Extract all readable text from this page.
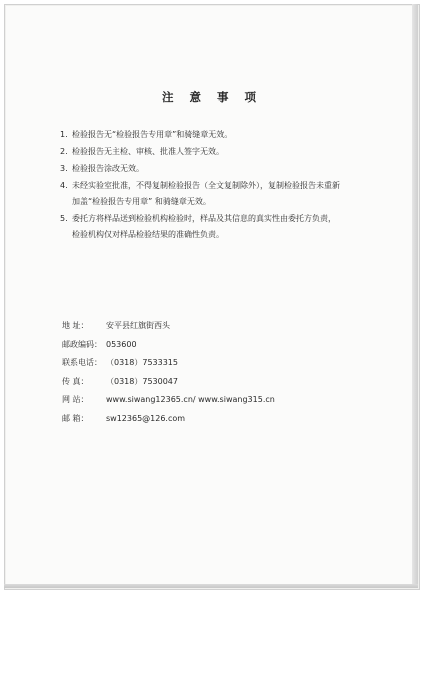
注 意 事 项
1. 检验报告无“检验报告专用章”和骑缝章无效。
2. 检验报告无主检、审核、批准人签字无效。
3. 检验报告涂改无效。
4. 未经实验室批准，不得复制检验报告（全文复制除外），复制检验报告未重新
加盖“检验报告专用章” 和骑缝章无效。
5. 委托方将样品送到检验机构检验时，样品及其信息的真实性由委托方负责，
检验机构仅对样品检验结果的准确性负责。
地 址： 安平县红旗街西头
邮政编码： 053600
联系电话： （0318）7533315
传 真： （0318）7530047
网 站： www.siwang12365.cn/ www.siwang315.cn
邮 箱： sw12365@126.com
